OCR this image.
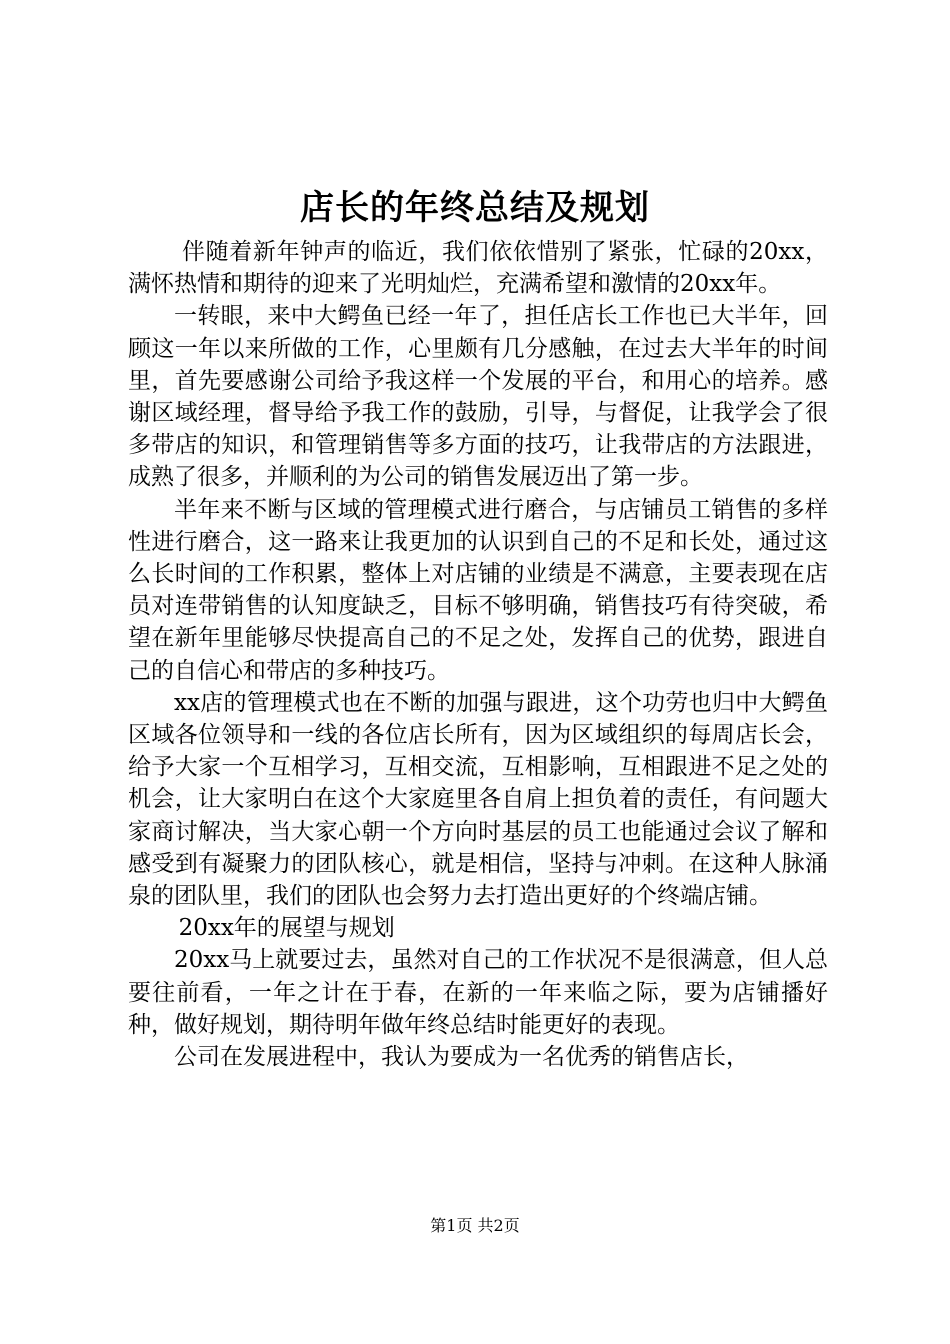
店长的年终总结及规划

伴随着新年钟声的临近，我们依依惜别了紧张，忙碌的20xx，满怀热情和期待的迎来了光明灿烂，充满希望和激情的20xx年。

一转眼，来中大鳄鱼已经一年了，担任店长工作也已大半年，回顾这一年以来所做的工作，心里颇有几分感触，在过去大半年的时间里，首先要感谢公司给予我这样一个发展的平台，和用心的培养。感谢区域经理，督导给予我工作的鼓励，引导，与督促，让我学会了很多带店的知识，和管理销售等多方面的技巧，让我带店的方法跟进，成熟了很多，并顺利的为公司的销售发展迈出了第一步。

半年来不断与区域的管理模式进行磨合，与店铺员工销售的多样性进行磨合，这一路来让我更加的认识到自己的不足和长处，通过这么长时间的工作积累，整体上对店铺的业绩是不满意，主要表现在店员对连带销售的认知度缺乏，目标不够明确，销售技巧有待突破，希望在新年里能够尽快提高自己的不足之处，发挥自己的优势，跟进自己的自信心和带店的多种技巧。

xx店的管理模式也在不断的加强与跟进，这个功劳也归中大鳄鱼区域各位领导和一线的各位店长所有，因为区域组织的每周店长会，给予大家一个互相学习，互相交流，互相影响，互相跟进不足之处的机会，让大家明白在这个大家庭里各自肩上担负着的责任，有问题大家商讨解决，当大家心朝一个方向时基层的员工也能通过会议了解和感受到有凝聚力的团队核心，就是相信，坚持与冲刺。在这种人脉涌泉的团队里，我们的团队也会努力去打造出更好的个终端店铺。

20xx年的展望与规划

20xx马上就要过去，虽然对自己的工作状况不是很满意，但人总要往前看，一年之计在于春，在新的一年来临之际，要为店铺播好种，做好规划，期待明年做年终总结时能更好的表现。

公司在发展进程中，我认为要成为一名优秀的销售店长，

第1页 共2页
